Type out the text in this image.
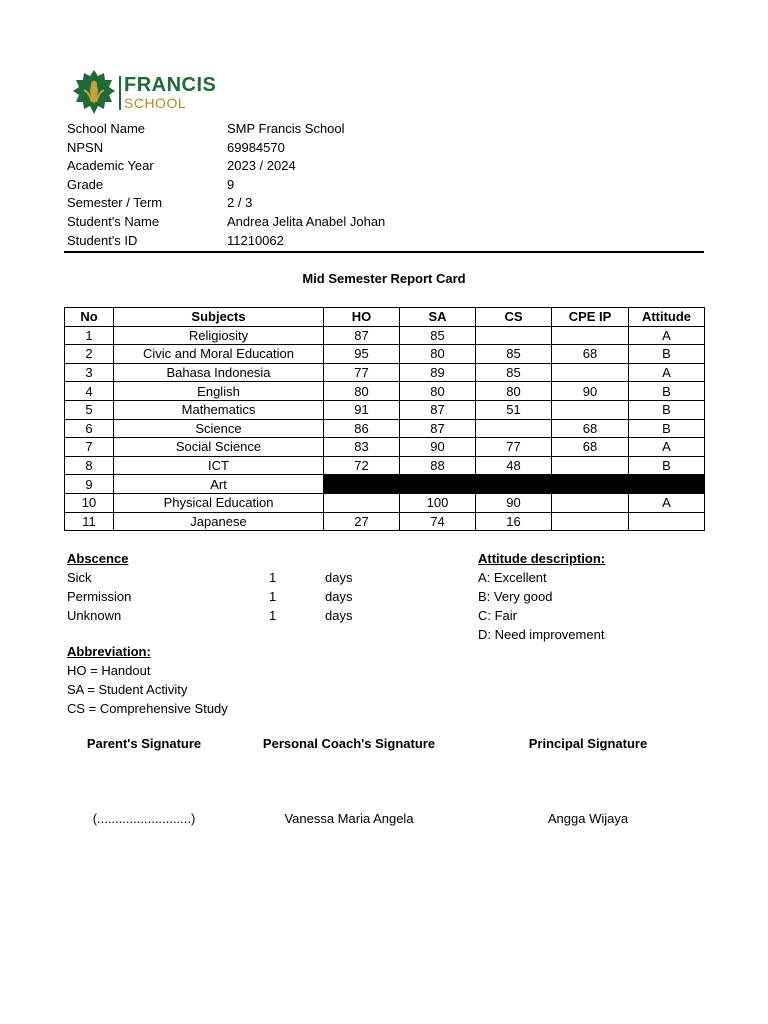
FRANCIS
SCHOOL
School Name	SMP Francis School
NPSN	69984570
Academic Year	2023 / 2024
Grade	9
Semester / Term	2 / 3
Student's Name	Andrea Jelita Anabel Johan
Student's ID	11210062
Mid Semester Report Card
No	Subjects	HO	SA	CS	CPE IP	Attitude
1	Religiosity	87	85			A
2	Civic and Moral Education	95	80	85	68	B
3	Bahasa Indonesia	77	89	85		A
4	English	80	80	80	90	B
5	Mathematics	91	87	51		B
6	Science	86	87		68	B
7	Social Science	83	90	77	68	A
8	ICT	72	88	48		B
9	Art					
10	Physical Education		100	90		A
11	Japanese	27	74	16		
Abscence
Sick	1	days
Permission	1	days
Unknown	1	days
Attitude description:
A: Excellent
B: Very good
C: Fair
D: Need improvement
Abbreviation:
HO = Handout
SA = Student Activity
CS = Comprehensive Study
Parent's Signature	Personal Coach's Signature	Principal Signature
(..........................)	Vanessa Maria Angela	Angga Wijaya
